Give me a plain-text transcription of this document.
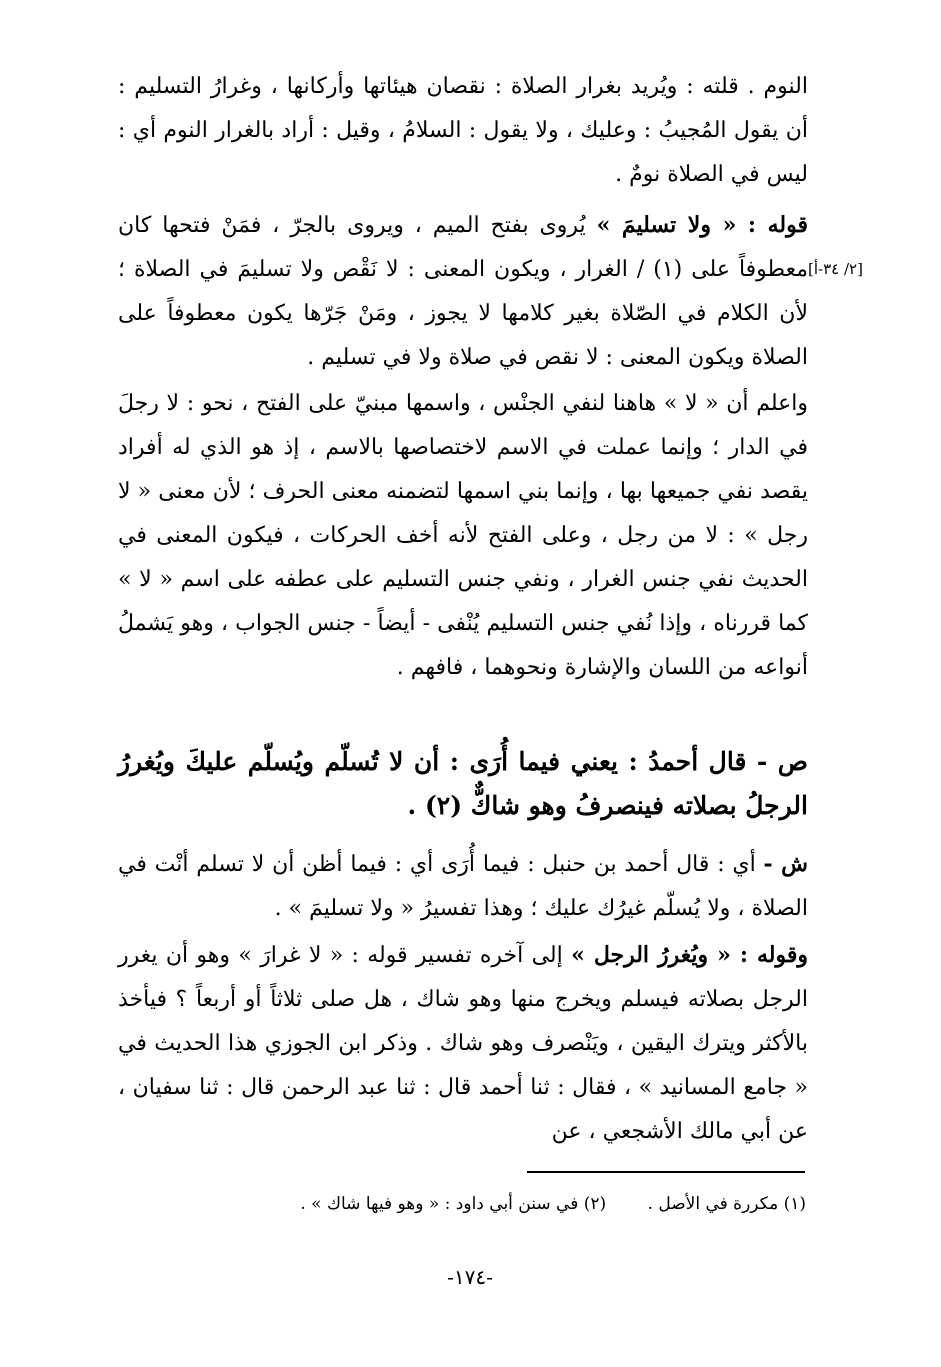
النوم . قلته : ويُريد بغرار الصلاة : نقصان هيئاتها وأركانها ، وغرارُ التسليم : أن يقول المُجيبُ : وعليك ، ولا يقول : السلامُ ، وقيل : أراد بالغرار النوم أي : ليس في الصلاة نومٌ .

[٢/ ٣٤-أ]

قوله : « ولا تسليمَ » يُروى بفتح الميم ، ويروى بالجرّ ، فمَنْ فتحها كان معطوفاً على (١) / الغرار ، ويكون المعنى : لا نَقْص ولا تسليمَ في الصلاة ؛ لأن الكلام في الصّلاة بغير كلامها لا يجوز ، ومَنْ جَرّها يكون معطوفاً على الصلاة ويكون المعنى : لا نقص في صلاة ولا في تسليم .

واعلم أن « لا » هاهنا لنفي الجنْس ، واسمها مبنيّ على الفتح ، نحو : لا رجلَ في الدار ؛ وإنما عملت في الاسم لاختصاصها بالاسم ، إذ هو الذي له أفراد يقصد نفي جميعها بها ، وإنما بني اسمها لتضمنه معنى الحرف ؛ لأن معنى « لا رجل » : لا من رجل ، وعلى الفتح لأنه أخف الحركات ، فيكون المعنى في الحديث نفي جنس الغرار ، ونفي جنس التسليم على عطفه على اسم « لا » كما قررناه ، وإذا نُفي جنس التسليم يُنْفى - أيضاً - جنس الجواب ، وهو يَشملُ أنواعه من اللسان والإشارة ونحوهما ، فافهم .

ص - قال أحمدُ : يعني فيما أُرَى : أن لا تُسلّم ويُسلّم عليكَ ويُغررُ الرجلُ بصلاته فينصرفُ وهو شاكٌّ (٢) .

ش - أي : قال أحمد بن حنبل : فيما أُرَى أي : فيما أظن أن لا تسلم أنْت في الصلاة ، ولا يُسلّم غيرُك عليك ؛ وهذا تفسيرُ « ولا تسليمَ » .

وقوله : « ويُغررُ الرجل » إلى آخره تفسير قوله : « لا غرارَ » وهو أن يغرر الرجل بصلاته فيسلم ويخرج منها وهو شاك ، هل صلى ثلاثاً أو أربعاً ؟ فيأخذ بالأكثر ويترك اليقين ، ويَنْصرف وهو شاك . وذكر ابن الجوزي هذا الحديث في « جامع المسانيد » ، فقال : ثنا أحمد قال : ثنا عبد الرحمن قال : ثنا سفيان ، عن أبي مالك الأشجعي ، عن

(١) مكررة في الأصل . (٢) في سنن أبي داود : « وهو فيها شاك » .
-١٧٤-
